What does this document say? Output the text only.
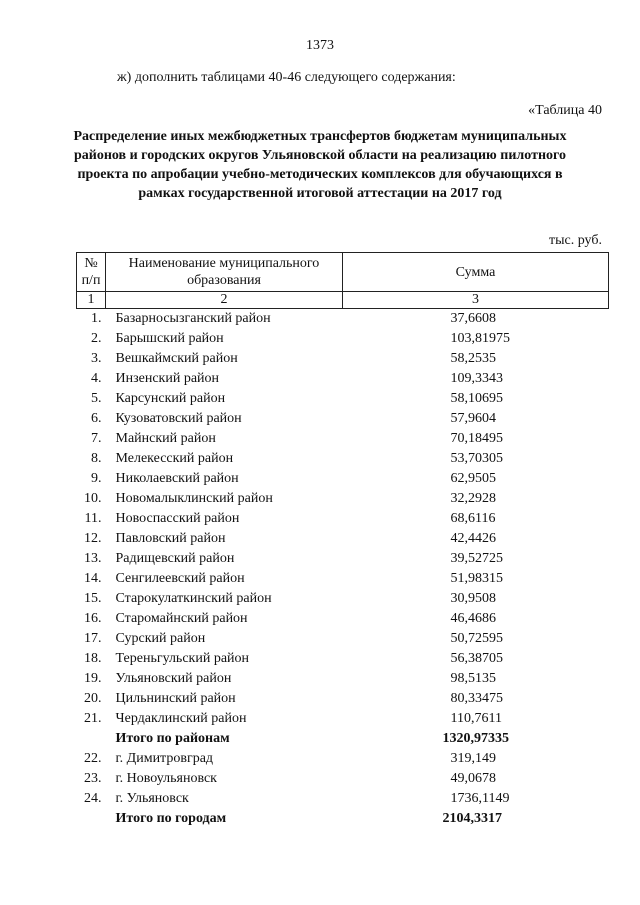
1373
ж) дополнить таблицами 40-46 следующего содержания:
«Таблица 40
Распределение иных межбюджетных трансфертов бюджетам муниципальных районов и городских округов Ульяновской области на реализацию пилотного проекта по апробации учебно-методических комплексов для обучающихся в рамках государственной итоговой аттестации на 2017 год
тыс. руб.
№ п/п	Наименование муниципального образования	Сумма
1	2	3
1.	Базарносызганский район	37,6608
2.	Барышский район	103,81975
3.	Вешкаймский район	58,2535
4.	Инзенский район	109,3343
5.	Карсунский район	58,10695
6.	Кузоватовский район	57,9604
7.	Майнский район	70,18495
8.	Мелекесский район	53,70305
9.	Николаевский район	62,9505
10.	Новомалыклинский район	32,2928
11.	Новоспасский район	68,6116
12.	Павловский район	42,4426
13.	Радищевский район	39,52725
14.	Сенгилеевский район	51,98315
15.	Старокулаткинский район	30,9508
16.	Старомайнский район	46,4686
17.	Сурский район	50,72595
18.	Тереньгульский район	56,38705
19.	Ульяновский район	98,5135
20.	Цильнинский район	80,33475
21.	Чердаклинский район	110,7611
	Итого по районам	1320,97335
22.	г. Димитровград	319,149
23.	г. Новоульяновск	49,0678
24.	г. Ульяновск	1736,1149
	Итого по городам	2104,3317
